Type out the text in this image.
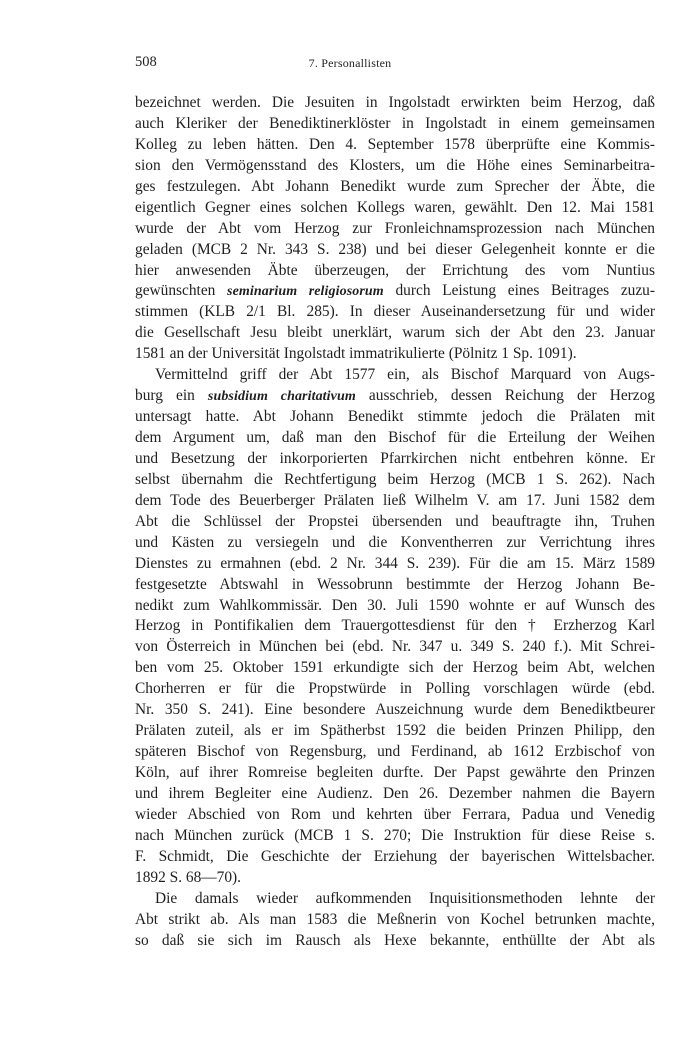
508	7. Personallisten
bezeichnet werden. Die Jesuiten in Ingolstadt erwirkten beim Herzog, daß
auch Kleriker der Benediktinerklöster in Ingolstadt in einem gemeinsamen
Kolleg zu leben hätten. Den 4. September 1578 überprüfte eine Kommis-
sion den Vermögensstand des Klosters, um die Höhe eines Seminarbeitra-
ges festzulegen. Abt Johann Benedikt wurde zum Sprecher der Äbte, die
eigentlich Gegner eines solchen Kollegs waren, gewählt. Den 12. Mai 1581
wurde der Abt vom Herzog zur Fronleichnamsprozession nach München
geladen (MCB 2 Nr. 343 S. 238) und bei dieser Gelegenheit konnte er die
hier anwesenden Äbte überzeugen, der Errichtung des vom Nuntius
gewünschten seminarium religiosorum durch Leistung eines Beitrages zuzu-
stimmen (KLB 2/1 Bl. 285). In dieser Auseinandersetzung für und wider
die Gesellschaft Jesu bleibt unerklärt, warum sich der Abt den 23. Januar
1581 an der Universität Ingolstadt immatrikulierte (Pölnitz 1 Sp. 1091).
Vermittelnd griff der Abt 1577 ein, als Bischof Marquard von Augs-
burg ein subsidium charitativum ausschrieb, dessen Reichung der Herzog
untersagt hatte. Abt Johann Benedikt stimmte jedoch die Prälaten mit
dem Argument um, daß man den Bischof für die Erteilung der Weihen
und Besetzung der inkorporierten Pfarrkirchen nicht entbehren könne. Er
selbst übernahm die Rechtfertigung beim Herzog (MCB 1 S. 262). Nach
dem Tode des Beuerberger Prälaten ließ Wilhelm V. am 17. Juni 1582 dem
Abt die Schlüssel der Propstei übersenden und beauftragte ihn, Truhen
und Kästen zu versiegeln und die Konventherren zur Verrichtung ihres
Dienstes zu ermahnen (ebd. 2 Nr. 344 S. 239). Für die am 15. März 1589
festgesetzte Abtswahl in Wessobrunn bestimmte der Herzog Johann Be-
nedikt zum Wahlkommissär. Den 30. Juli 1590 wohnte er auf Wunsch des
Herzog in Pontifikalien dem Trauergottesdienst für den † Erzherzog Karl
von Österreich in München bei (ebd. Nr. 347 u. 349 S. 240 f.). Mit Schrei-
ben vom 25. Oktober 1591 erkundigte sich der Herzog beim Abt, welchen
Chorherren er für die Propstwürde in Polling vorschlagen würde (ebd.
Nr. 350 S. 241). Eine besondere Auszeichnung wurde dem Benediktbeurer
Prälaten zuteil, als er im Spätherbst 1592 die beiden Prinzen Philipp, den
späteren Bischof von Regensburg, und Ferdinand, ab 1612 Erzbischof von
Köln, auf ihrer Romreise begleiten durfte. Der Papst gewährte den Prinzen
und ihrem Begleiter eine Audienz. Den 26. Dezember nahmen die Bayern
wieder Abschied von Rom und kehrten über Ferrara, Padua und Venedig
nach München zurück (MCB 1 S. 270; Die Instruktion für diese Reise s.
F. Schmidt, Die Geschichte der Erziehung der bayerischen Wittelsbacher.
1892 S. 68—70).
Die damals wieder aufkommenden Inquisitionsmethoden lehnte der
Abt strikt ab. Als man 1583 die Meßnerin von Kochel betrunken machte,
so daß sie sich im Rausch als Hexe bekannte, enthüllte der Abt als
